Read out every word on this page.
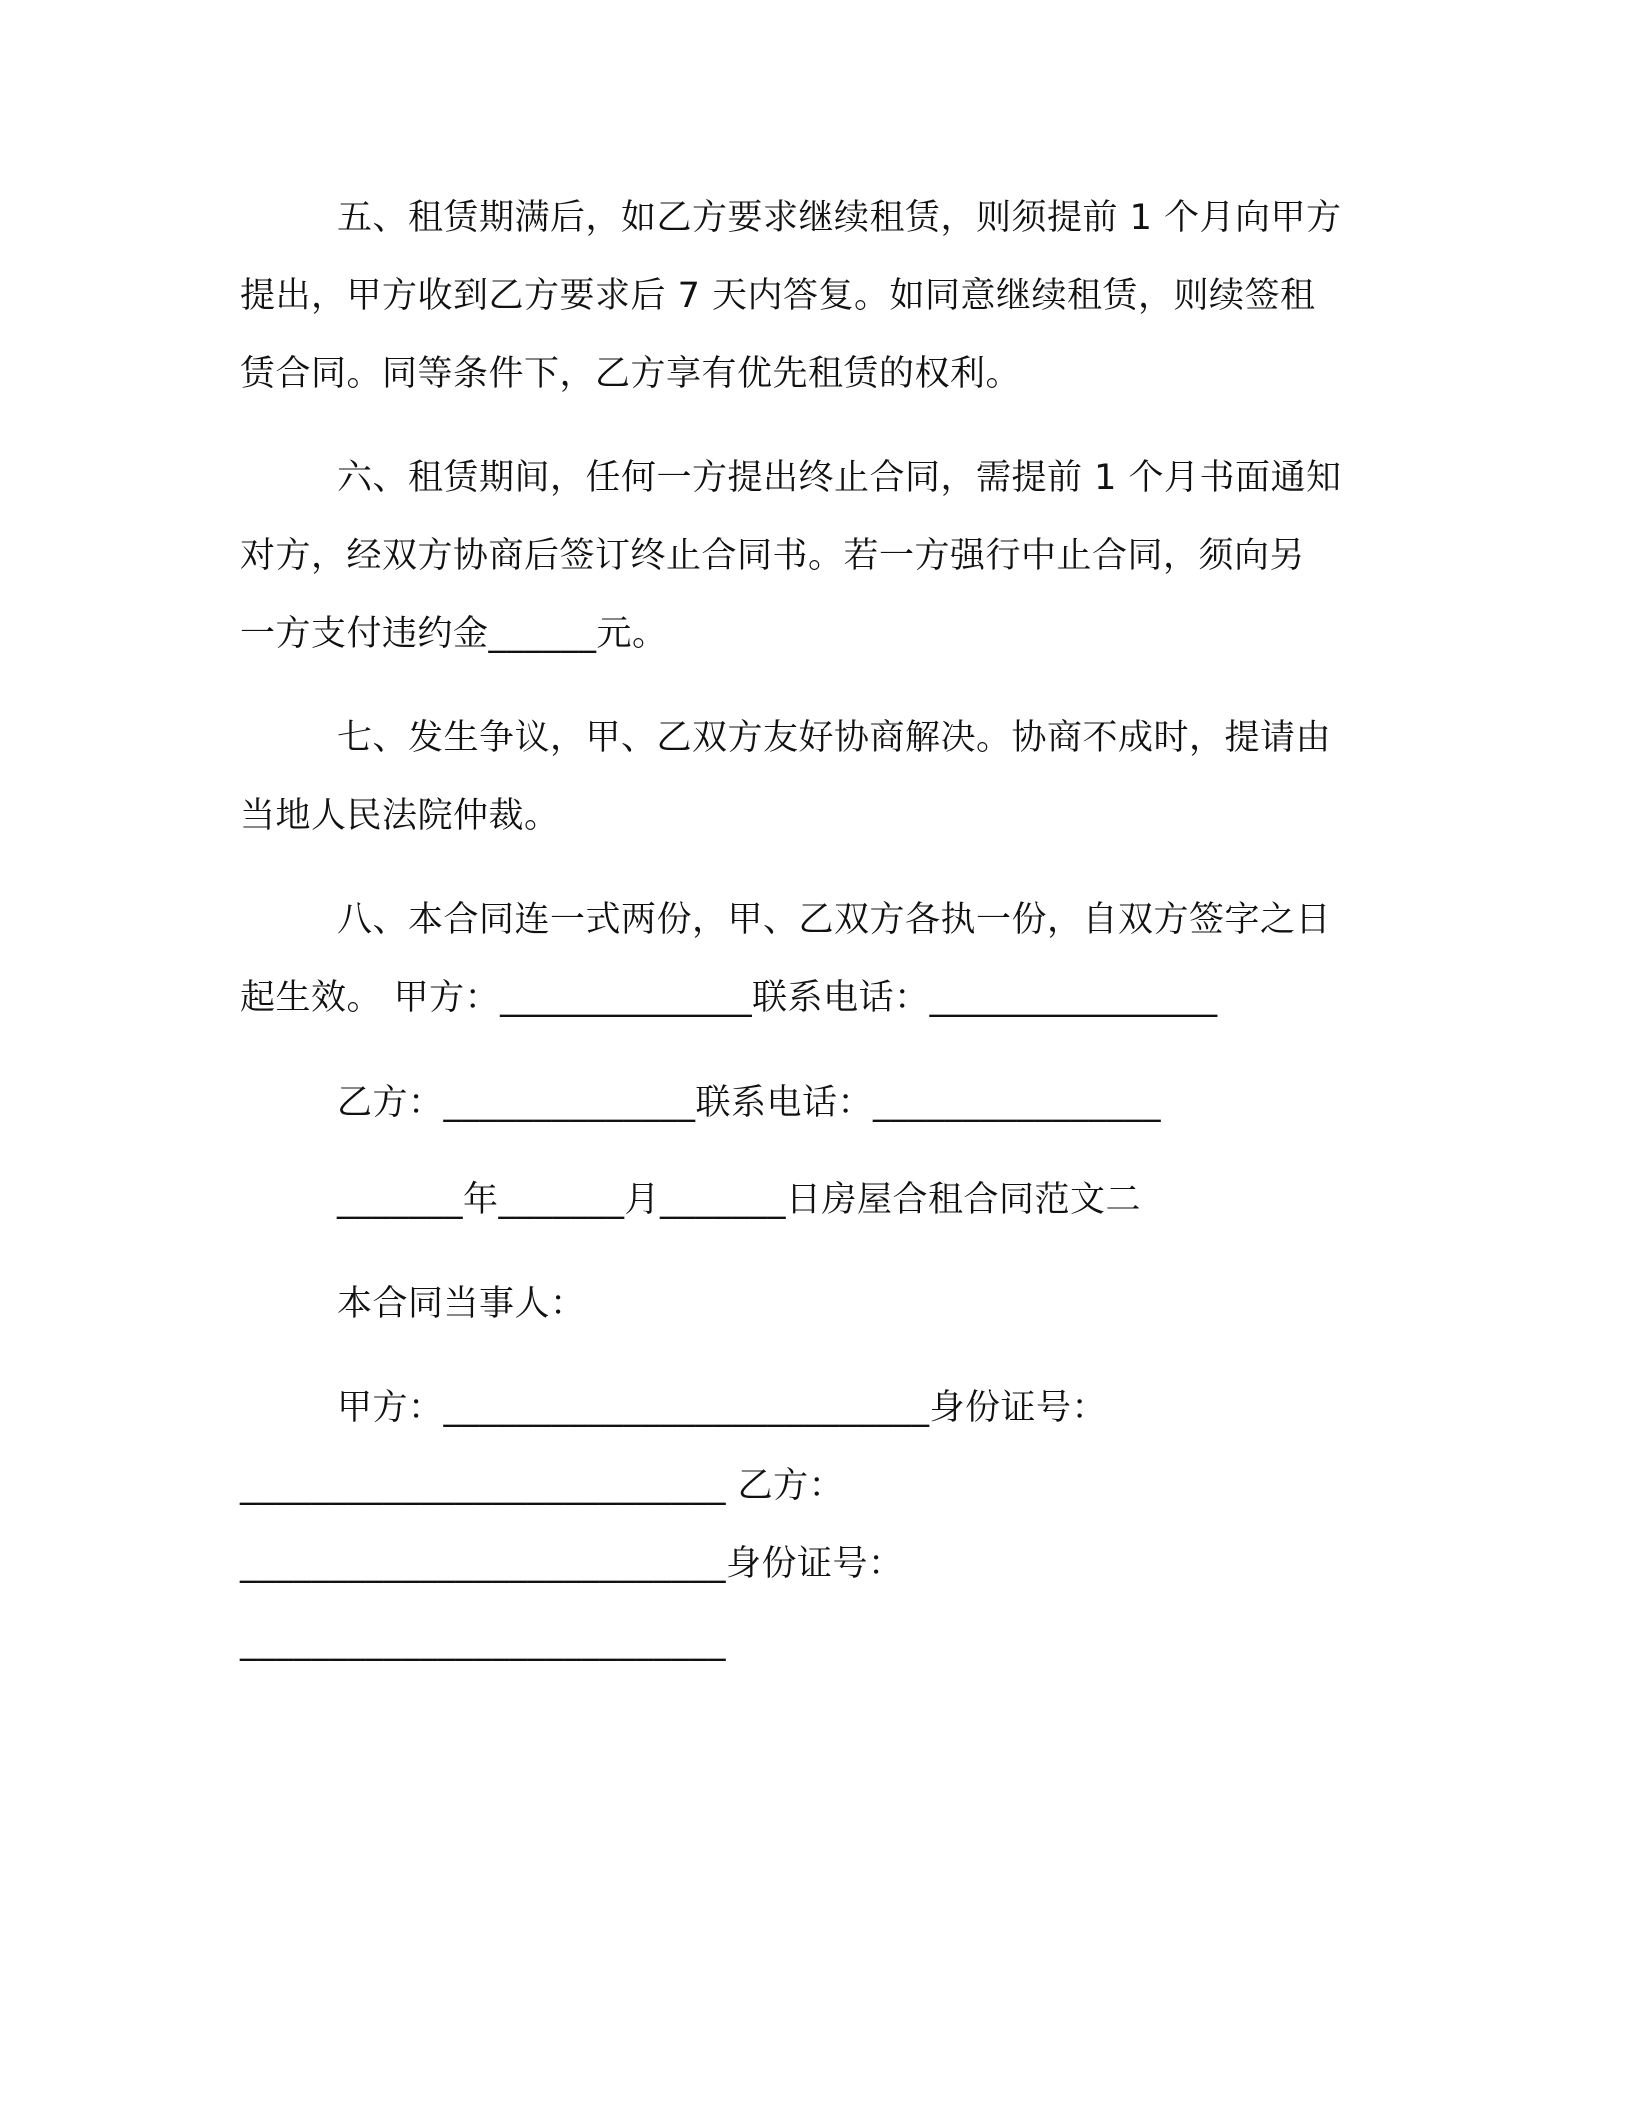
五、租赁期满后，如乙方要求继续租赁，则须提前 1 个月向甲方
提出，甲方收到乙方要求后 7 天内答复。如同意继续租赁，则续签租
赁合同。同等条件下，乙方享有优先租赁的权利。
六、租赁期间，任何一方提出终止合同，需提前 1 个月书面通知
对方，经双方协商后签订终止合同书。若一方强行中止合同，须向另
一方支付违约金______元。
七、发生争议，甲、乙双方友好协商解决。协商不成时，提请由
当地人民法院仲裁。
八、本合同连一式两份，甲、乙双方各执一份，自双方签字之日
起生效。 甲方：______________联系电话：________________
乙方：______________联系电话：________________
_______年_______月_______日房屋合租合同范文二
本合同当事人：
甲方：___________________________身份证号：
___________________________ 乙方：
___________________________身份证号：
___________________________
